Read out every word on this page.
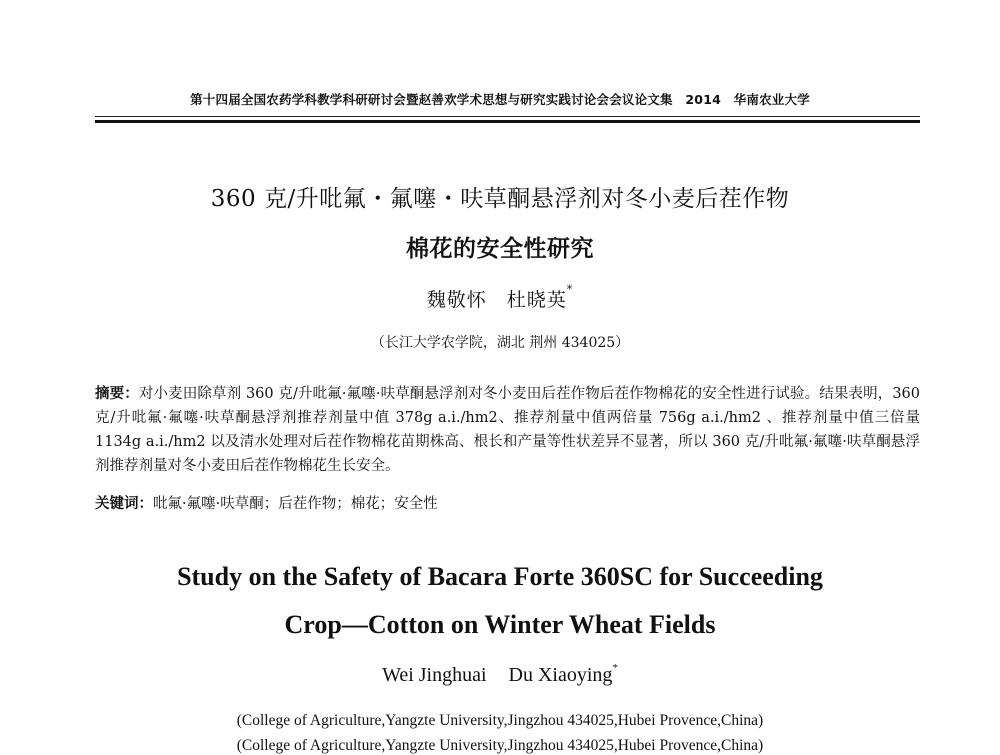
第十四届全国农药学科教学科研研讨会暨赵善欢学术思想与研究实践讨论会会议论文集　2014　华南农业大学
360 克/升吡氟・氟噻・呋草酮悬浮剂对冬小麦后茬作物
棉花的安全性研究
魏敬怀　杜晓英*
（长江大学农学院，湖北 荆州 434025）
摘要：对小麦田除草剂 360 克/升吡氟·氟噻·呋草酮悬浮剂对冬小麦田后茬作物后茬作物棉花的安全性进行试验。结果表明，360 克/升吡氟·氟噻·呋草酮悬浮剂推荐剂量中值 378g a.i./hm2、推荐剂量中值两倍量 756g a.i./hm2 、推荐剂量中值三倍量 1134g a.i./hm2 以及清水处理对后茬作物棉花苗期株高、根长和产量等性状差异不显著，所以 360 克/升吡氟·氟噻·呋草酮悬浮剂推荐剂量对冬小麦田后茬作物棉花生长安全。
关键词：吡氟·氟噻·呋草酮；后茬作物；棉花；安全性
Study on the Safety of Bacara Forte 360SC for Succeeding
Crop—Cotton on Winter Wheat Fields
Wei Jinghuai Du Xiaoying*
(College of Agriculture,Yangzte University,Jingzhou 434025,Hubei Provence,China)
(College of Agriculture,Yangzte University,Jingzhou 434025,Hubei Provence,China)
